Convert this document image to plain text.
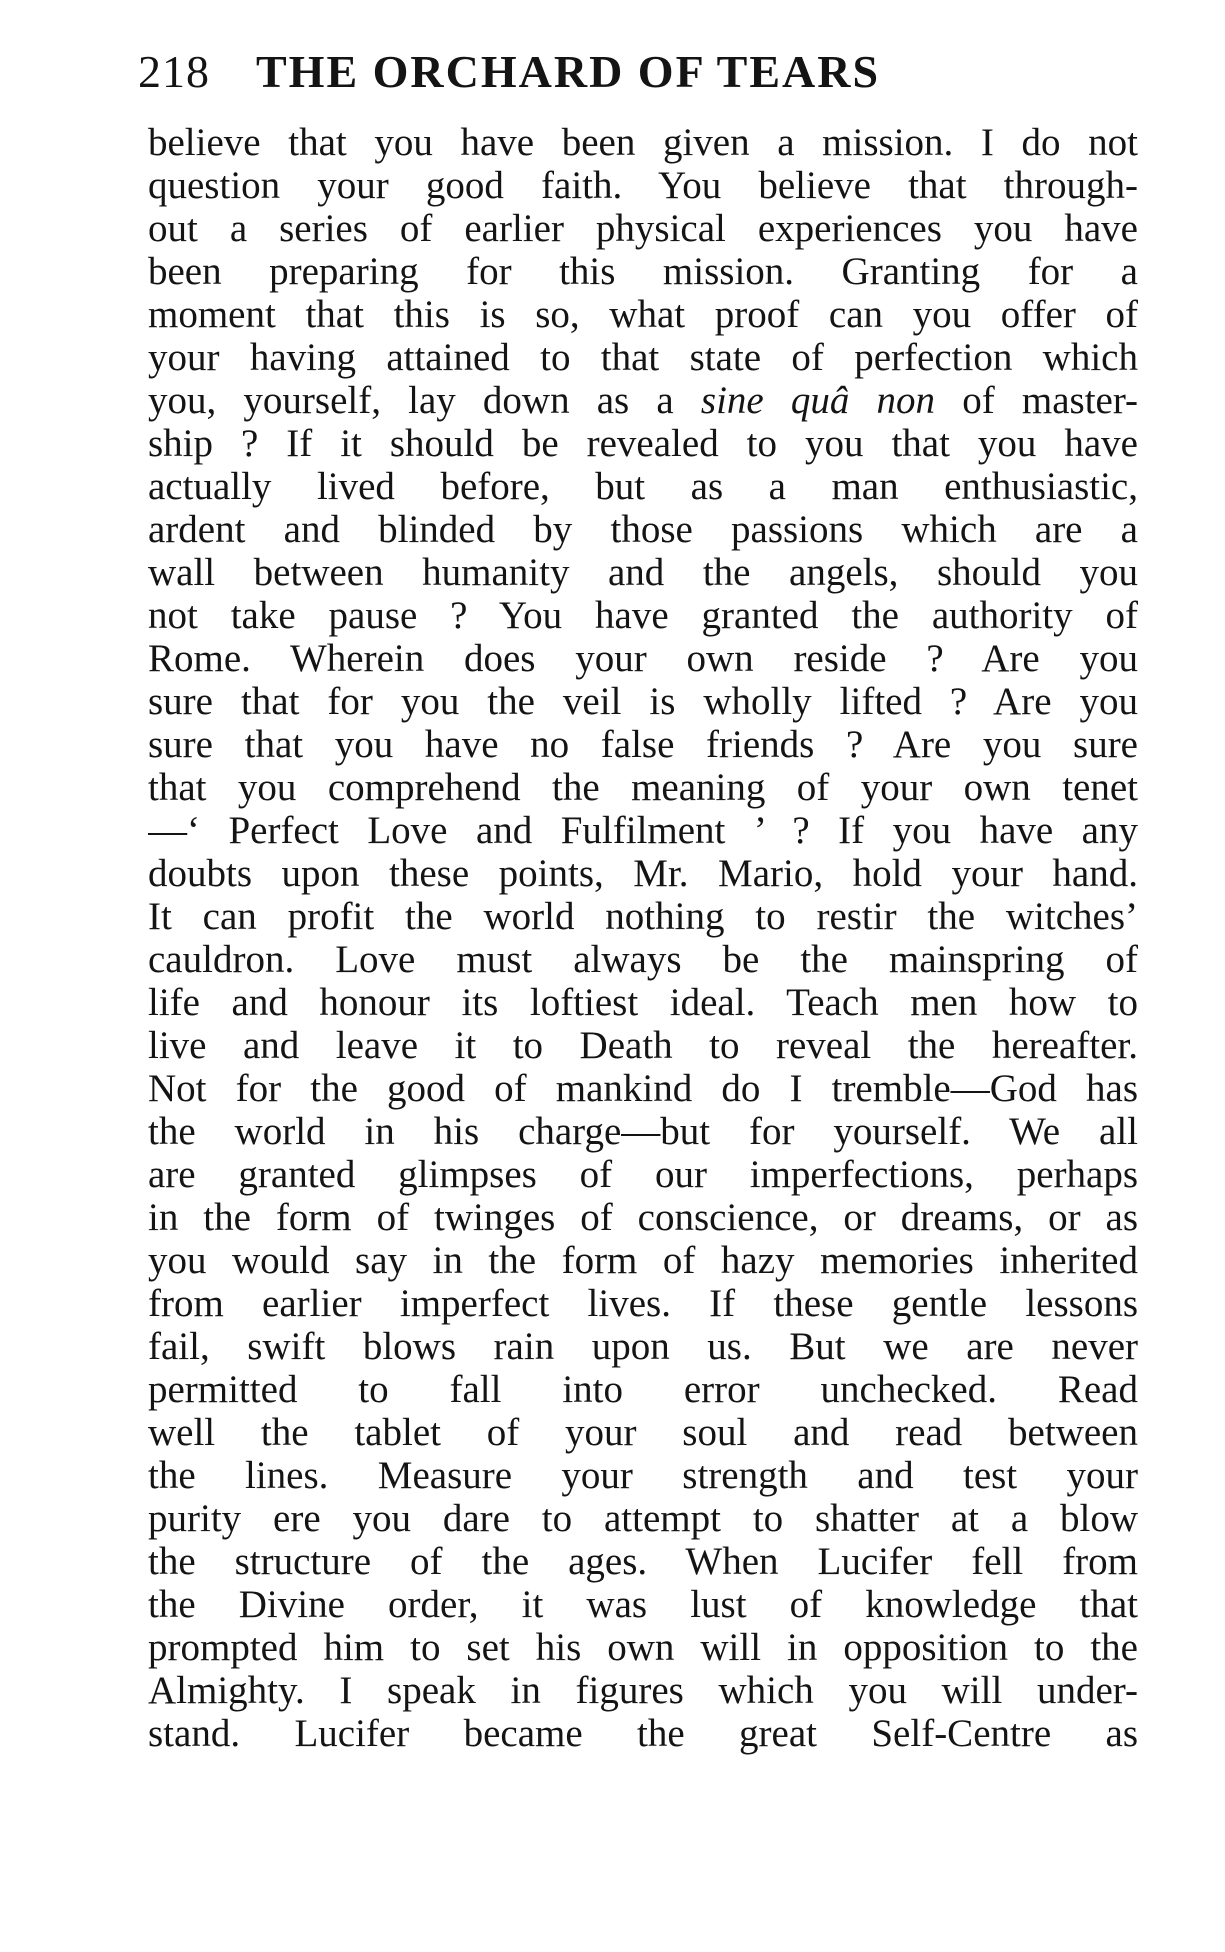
218 THE ORCHARD OF TEARS
believe that you have been given a mission. I do not
question your good faith. You believe that through-
out a series of earlier physical experiences you have
been preparing for this mission. Granting for a
moment that this is so, what proof can you offer of
your having attained to that state of perfection which
you, yourself, lay down as a sine quâ non of master-
ship ? If it should be revealed to you that you have
actually lived before, but as a man enthusiastic,
ardent and blinded by those passions which are a
wall between humanity and the angels, should you
not take pause ? You have granted the authority of
Rome. Wherein does your own reside ? Are you
sure that for you the veil is wholly lifted ? Are you
sure that you have no false friends ? Are you sure
that you comprehend the meaning of your own tenet
—‘ Perfect Love and Fulfilment ’ ? If you have any
doubts upon these points, Mr. Mario, hold your hand.
It can profit the world nothing to restir the witches’
cauldron. Love must always be the mainspring of
life and honour its loftiest ideal. Teach men how to
live and leave it to Death to reveal the hereafter.
Not for the good of mankind do I tremble—God has
the world in his charge—but for yourself. We all
are granted glimpses of our imperfections, perhaps
in the form of twinges of conscience, or dreams, or as
you would say in the form of hazy memories inherited
from earlier imperfect lives. If these gentle lessons
fail, swift blows rain upon us. But we are never
permitted to fall into error unchecked. Read
well the tablet of your soul and read between
the lines. Measure your strength and test your
purity ere you dare to attempt to shatter at a blow
the structure of the ages. When Lucifer fell from
the Divine order, it was lust of knowledge that
prompted him to set his own will in opposition to the
Almighty. I speak in figures which you will under-
stand. Lucifer became the great Self-Centre as
